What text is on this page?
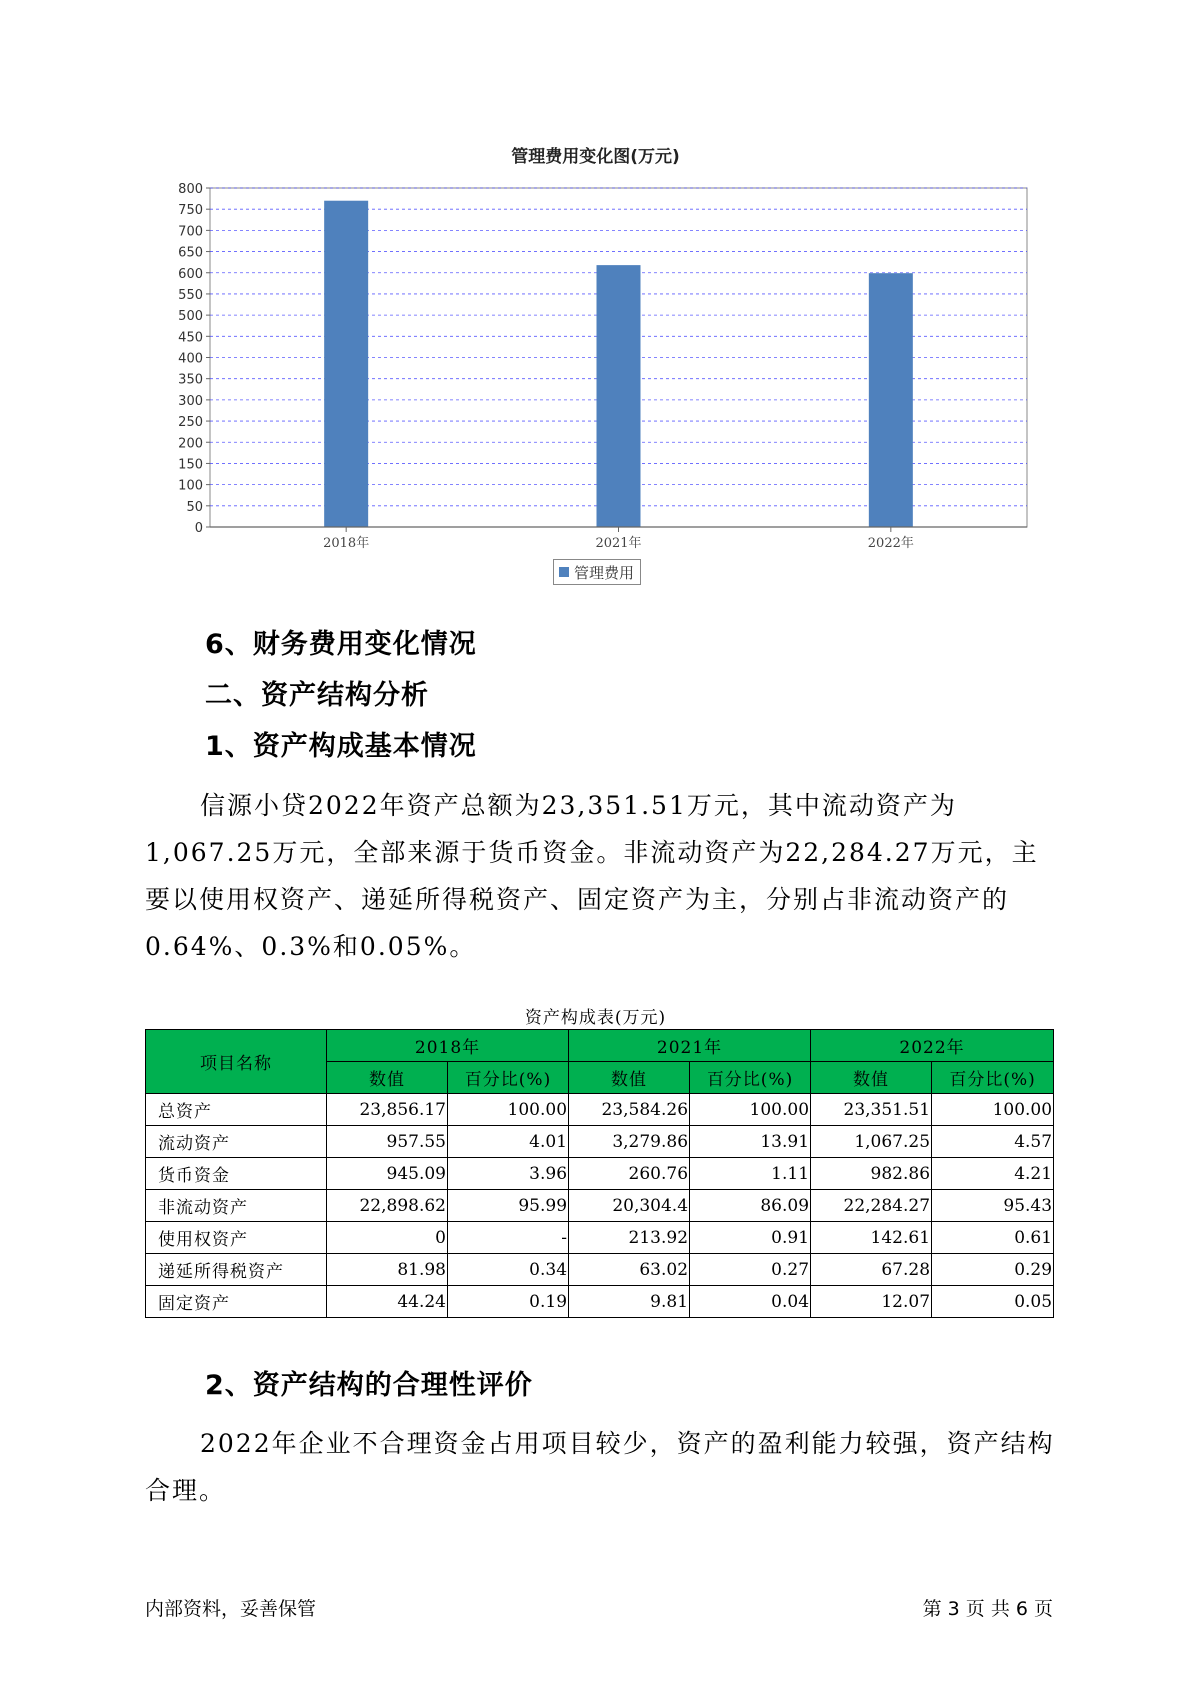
管理费用变化图(万元)
0
50
100
150
200
250
300
350
400
450
500
550
600
650
700
750
800
2018年	2021年	2022年
管理费用
6、财务费用变化情况
二、资产结构分析
1、资产构成基本情况

信源小贷2022年资产总额为23,351.51万元，其中流动资产为1,067.25万元，全部来源于货币资金。非流动资产为22,284.27万元，主要以使用权资产、递延所得税资产、固定资产为主，分别占非流动资产的0.64%、0.3%和0.05%。

资产构成表(万元)
项目名称	2018年		2021年		2022年	
	数值	百分比(%)	数值	百分比(%)	数值	百分比(%)
总资产	23,856.17	100.00	23,584.26	100.00	23,351.51	100.00
流动资产	957.55	4.01	3,279.86	13.91	1,067.25	4.57
货币资金	945.09	3.96	260.76	1.11	982.86	4.21
非流动资产	22,898.62	95.99	20,304.4	86.09	22,284.27	95.43
使用权资产	0	-	213.92	0.91	142.61	0.61
递延所得税资产	81.98	0.34	63.02	0.27	67.28	0.29
固定资产	44.24	0.19	9.81	0.04	12.07	0.05
2、资产结构的合理性评价

2022年企业不合理资金占用项目较少，资产的盈利能力较强，资产结构合理。

内部资料，妥善保管	第 3 页 共 6 页
